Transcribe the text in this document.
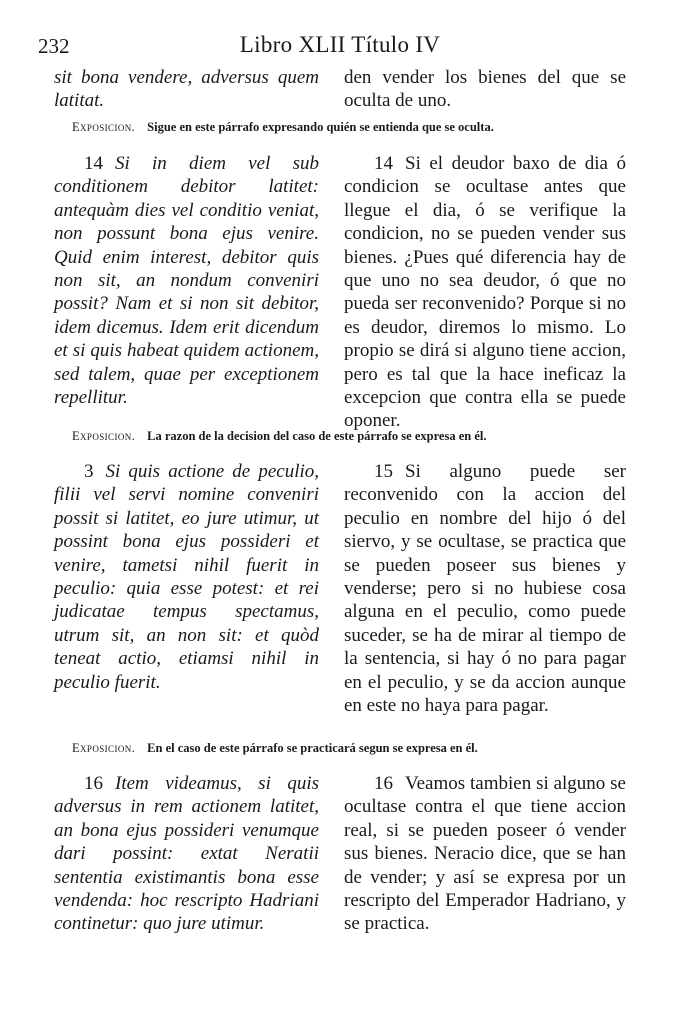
232	Libro XLII Título IV
sit bona vendere, adversus quem latitat.
den vender los bienes del que se oculta de uno.
Exposicion. Sigue en este párrafo expresando quién se entienda que se oculta.
14 Si in diem vel sub conditionem debitor latitet: antequàm dies vel conditio veniat, non possunt bona ejus venire. Quid enim interest, debitor quis non sit, an nondum conveniri possit? Nam et si non sit debitor, idem dicemus. Idem erit dicendum et si quis habeat quidem actionem, sed talem, quae per exceptionem repellitur.
14 Si el deudor baxo de dia ó condicion se ocultase antes que llegue el dia, ó se verifique la condicion, no se pueden vender sus bienes. ¿Pues qué diferencia hay de que uno no sea deudor, ó que no pueda ser reconvenido? Porque si no es deudor, diremos lo mismo. Lo propio se dirá si alguno tiene accion, pero es tal que la hace ineficaz la excepcion que contra ella se puede oponer.
Exposicion. La razon de la decision del caso de este párrafo se expresa en él.
3 Si quis actione de peculio, filii vel servi nomine conveniri possit si latitet, eo jure utimur, ut possint bona ejus possideri et venire, tametsi nihil fuerit in peculio: quia esse potest: et rei judicatae tempus spectamus, utrum sit, an non sit: et quòd teneat actio, etiamsi nihil in peculio fuerit.
15 Si alguno puede ser reconvenido con la accion del peculio en nombre del hijo ó del siervo, y se ocultase, se practica que se pueden poseer sus bienes y venderse; pero si no hubiese cosa alguna en el peculio, como puede suceder, se ha de mirar al tiempo de la sentencia, si hay ó no para pagar en el peculio, y se da accion aunque en este no haya para pagar.
Exposicion. En el caso de este párrafo se practicará segun se expresa en él.
16 Item videamus, si quis adversus in rem actionem latitet, an bona ejus possideri venumque dari possint: extat Neratii sententia existimantis bona esse vendenda: hoc rescripto Hadriani continetur: quo jure utimur.
16 Veamos tambien si alguno se ocultase contra el que tiene accion real, si se pueden poseer ó vender sus bienes. Neracio dice, que se han de vender; y así se expresa por un rescripto del Emperador Hadriano, y se practica.
